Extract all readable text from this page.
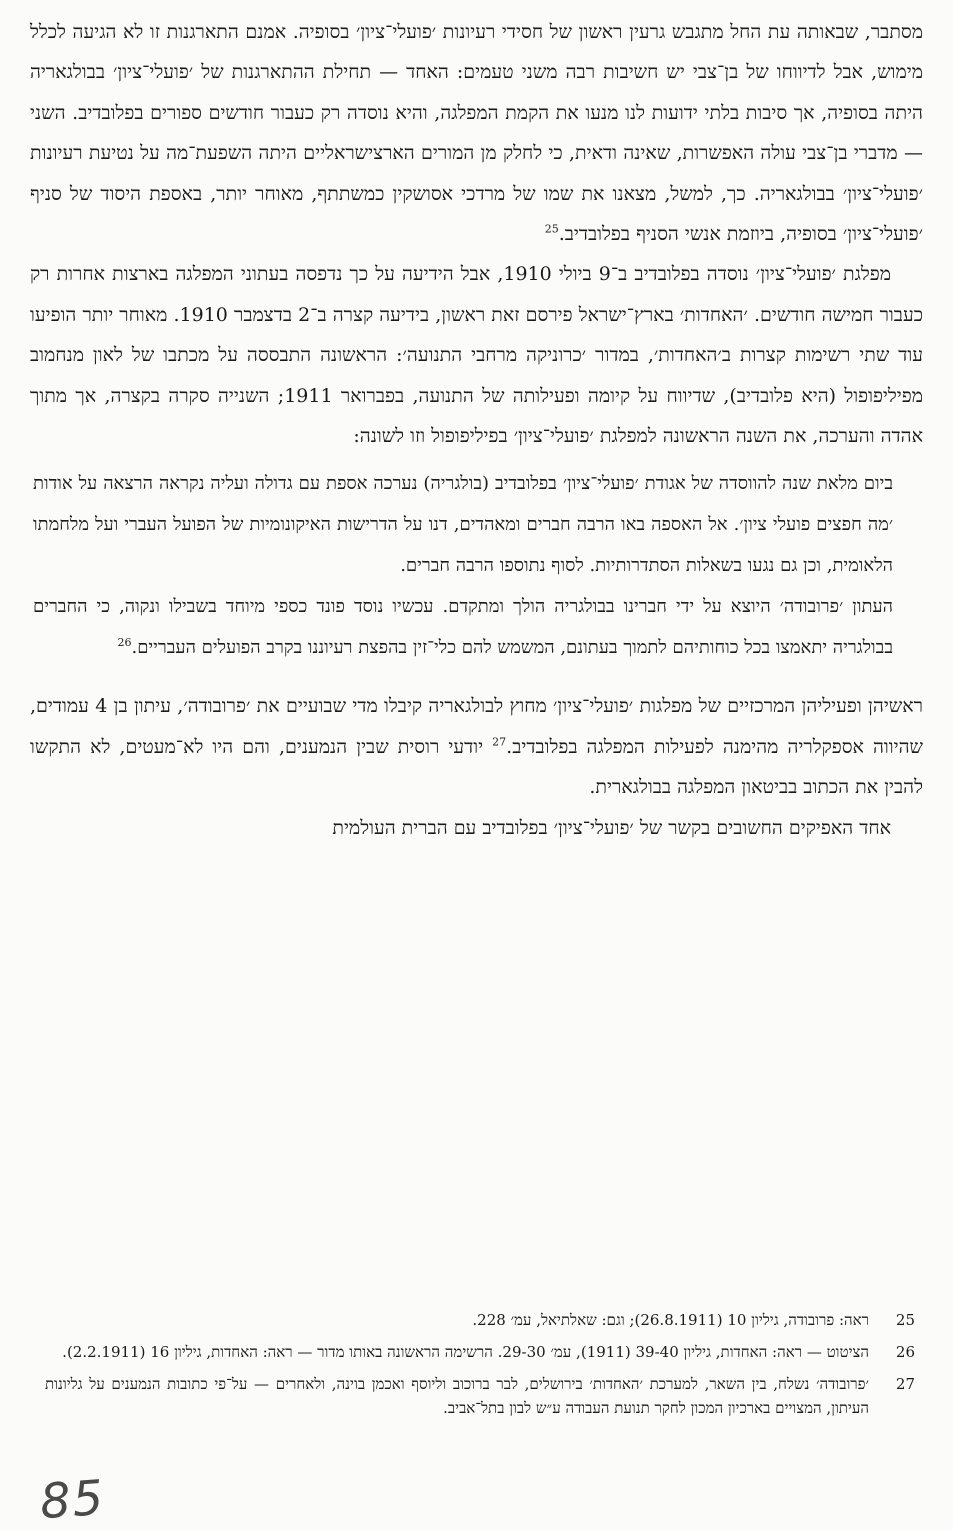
מסתבר, שבאותה עת החל מתגבש גרעין ראשון של חסידי רעיונות ׳פועלי־ציון׳ בסופיה. אמנם התארגנות זו לא הגיעה לכלל מימוש, אבל לדיווחו של בן־צבי יש חשיבות רבה משני טעמים: האחד — תחילת ההתארגנות של ׳פועלי־ציון׳ בבולגאריה היתה בסופיה, אך סיבות בלתי ידועות לנו מנעו את הקמת המפלגה, והיא נוסדה רק כעבור חודשים ספורים בפלובדיב. השני — מדברי בן־צבי עולה האפשרות, שאינה ודאית, כי לחלק מן המורים הארצישראליים היתה השפעת־מה על נטיעת רעיונות ׳פועלי־ציון׳ בבולגאריה. כך, למשל, מצאנו את שמו של מרדכי אסושקין כמשתתף, מאוחר יותר, באספת היסוד של סניף ׳פועלי־ציון׳ בסופיה, ביוזמת אנשי הסניף בפלובדיב.$^{25}$

מפלגת ׳פועלי־ציון׳ נוסדה בפלובדיב ב־9 ביולי 1910, אבל הידיעה על כך נדפסה בעתוני המפלגה בארצות אחרות רק כעבור חמישה חודשים. ׳האחדות׳ בארץ־ישראל פירסם זאת ראשון, בידיעה קצרה ב־2 בדצמבר 1910. מאוחר יותר הופיעו עוד שתי רשימות קצרות ב׳האחדות׳, במדור ׳כרוניקה מרחבי התנועה׳: הראשונה התבססה על מכתבו של לאון מנחמוב מפיליפופול (היא פלובדיב), שדיווח על קיומה ופעילותה של התנועה, בפברואר 1911; השנייה סקרה בקצרה, אך מתוך אהדה והערכה, את השנה הראשונה למפלגת ׳פועלי־ציון׳ בפיליפופול וזו לשונה:

ביום מלאת שנה להווסדה של אגודת ׳פועלי־ציון׳ בפלובדיב (בולגריה) נערכה אספת עם גדולה ועליה נקראה הרצאה על אודות ׳מה חפצים פועלי ציון׳. אל האספה באו הרבה חברים ומאהדים, דנו על הדרישות האיקונומיות של הפועל העברי ועל מלחמתו הלאומית, וכן גם נגעו בשאלות הסתדרותיות. לסוף נתוספו הרבה חברים.

העתון ׳פרובודה׳ היוצא על ידי חברינו בבולגריה הולך ומתקדם. עכשיו נוסד פונד כספי מיוחד בשבילו ונקוה, כי החברים בבולגריה יתאמצו בכל כוחותיהם לתמוך בעתונם, המשמש להם כלי־זין בהפצת רעיוננו בקרב הפועלים העבריים.$^{26}$

ראשיהן ופעיליהן המרכזיים של מפלגות ׳פועלי־ציון׳ מחוץ לבולגאריה קיבלו מדי שבועיים את ׳פרובודה׳, עיתון בן 4 עמודים, שהיווה אספקלריה מהימנה לפעילות המפלגה בפלובדיב.$^{27}$ יודעי רוסית שבין הנמענים, והם היו לא־מעטים, לא התקשו להבין את הכתוב בביטאון המפלגה בבולגארית.

אחד האפיקים החשובים בקשר של ׳פועלי־ציון׳ בפלובדיב עם הברית העולמית

25
ראה: פרובודה, גיליון 10 (26.8.1911); וגם: שאלתיאל, עמ׳ 228.
26
הציטוט — ראה: האחדות, גיליון 39-40 (1911), עמ׳ 29-30. הרשימה הראשונה באותו מדור — ראה: האחדות, גיליון 16 (2.2.1911).
27
׳פרובודה׳ נשלח, בין השאר, למערכת ׳האחדות׳ בירושלים, לבר ברוכוב וליוסף ואכמן בוינה, ולאחרים — על־פי כתובות הנמענים על גליונות העיתון, המצויים בארכיון המכון לחקר תנועת העבודה ע״ש לבון בתל־אביב.
85
